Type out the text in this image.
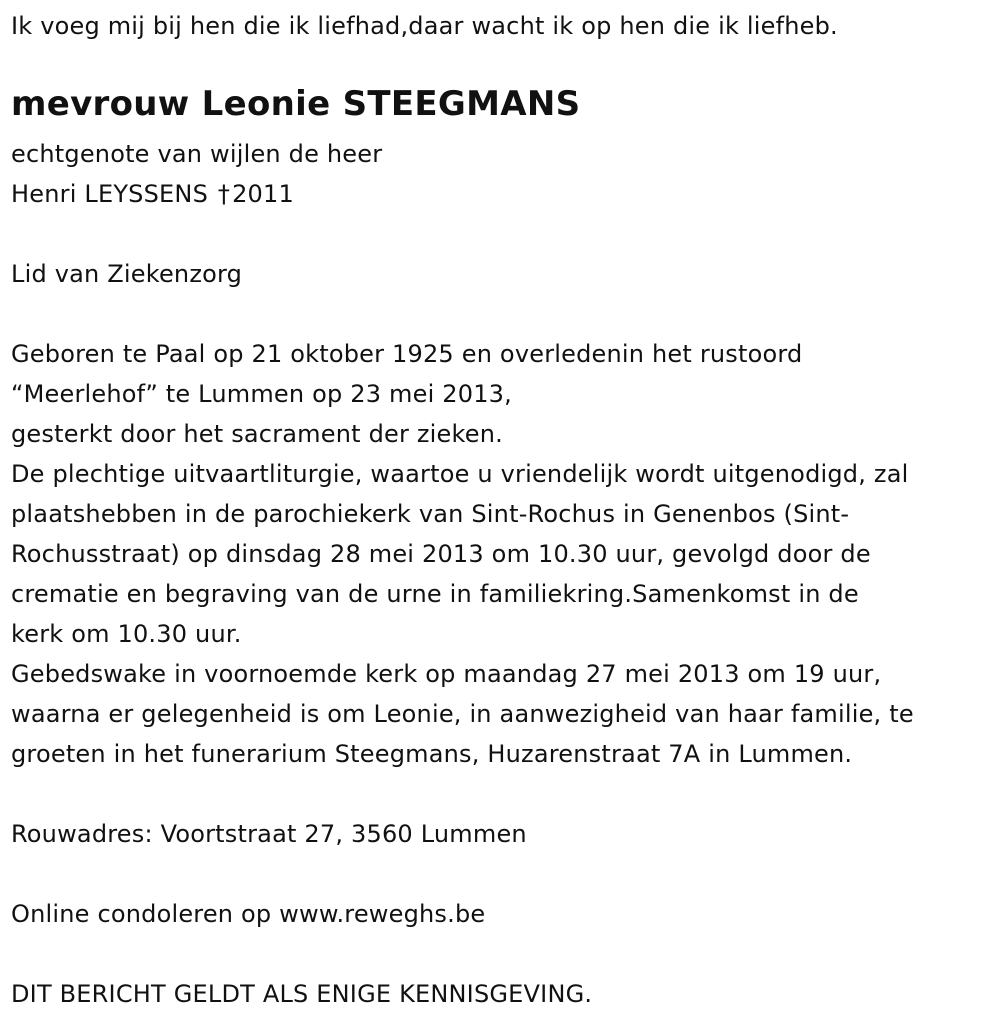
Ik voeg mij bij hen die ik liefhad,daar wacht ik op hen die ik liefheb.
mevrouw Leonie STEEGMANS
echtgenote van wijlen de heer
Henri LEYSSENS †2011
Lid van Ziekenzorg
Geboren te Paal op 21 oktober 1925 en overledenin het rustoord
“Meerlehof” te Lummen op 23 mei 2013,
gesterkt door het sacrament der zieken.
De plechtige uitvaartliturgie, waartoe u vriendelijk wordt uitgenodigd, zal
plaatshebben in de parochiekerk van Sint-Rochus in Genenbos (Sint-
Rochusstraat) op dinsdag 28 mei 2013 om 10.30 uur, gevolgd door de
crematie en begraving van de urne in familiekring.Samenkomst in de
kerk om 10.30 uur.
Gebedswake in voornoemde kerk op maandag 27 mei 2013 om 19 uur,
waarna er gelegenheid is om Leonie, in aanwezigheid van haar familie, te
groeten in het funerarium Steegmans, Huzarenstraat 7A in Lummen.
Rouwadres: Voortstraat 27, 3560 Lummen
Online condoleren op www.reweghs.be
DIT BERICHT GELDT ALS ENIGE KENNISGEVING.
